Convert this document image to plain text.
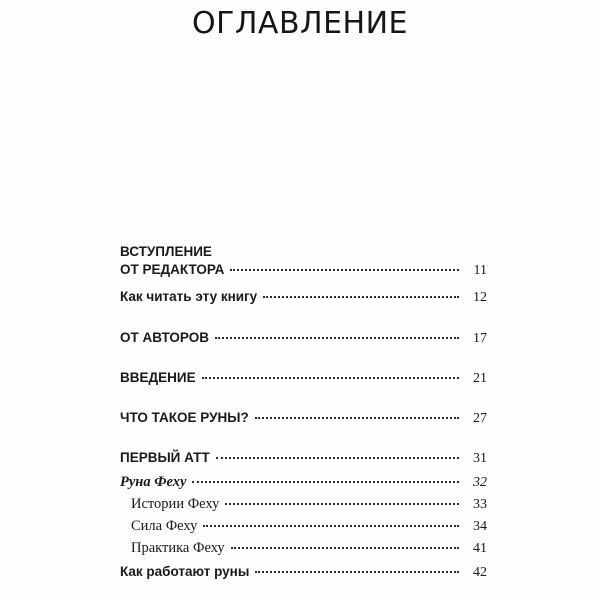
ОГЛАВЛЕНИЕ
ВСТУПЛЕНИЕ
ОТ РЕДАКТОРА	11
Как читать эту книгу	12
ОТ АВТОРОВ	17
ВВЕДЕНИЕ	21
ЧТО ТАКОЕ РУНЫ?	27
ПЕРВЫЙ АТТ	31
Руна Феху	32
Истории Феху	33
Сила Феху	34
Практика Феху	41
Как работают руны	42
